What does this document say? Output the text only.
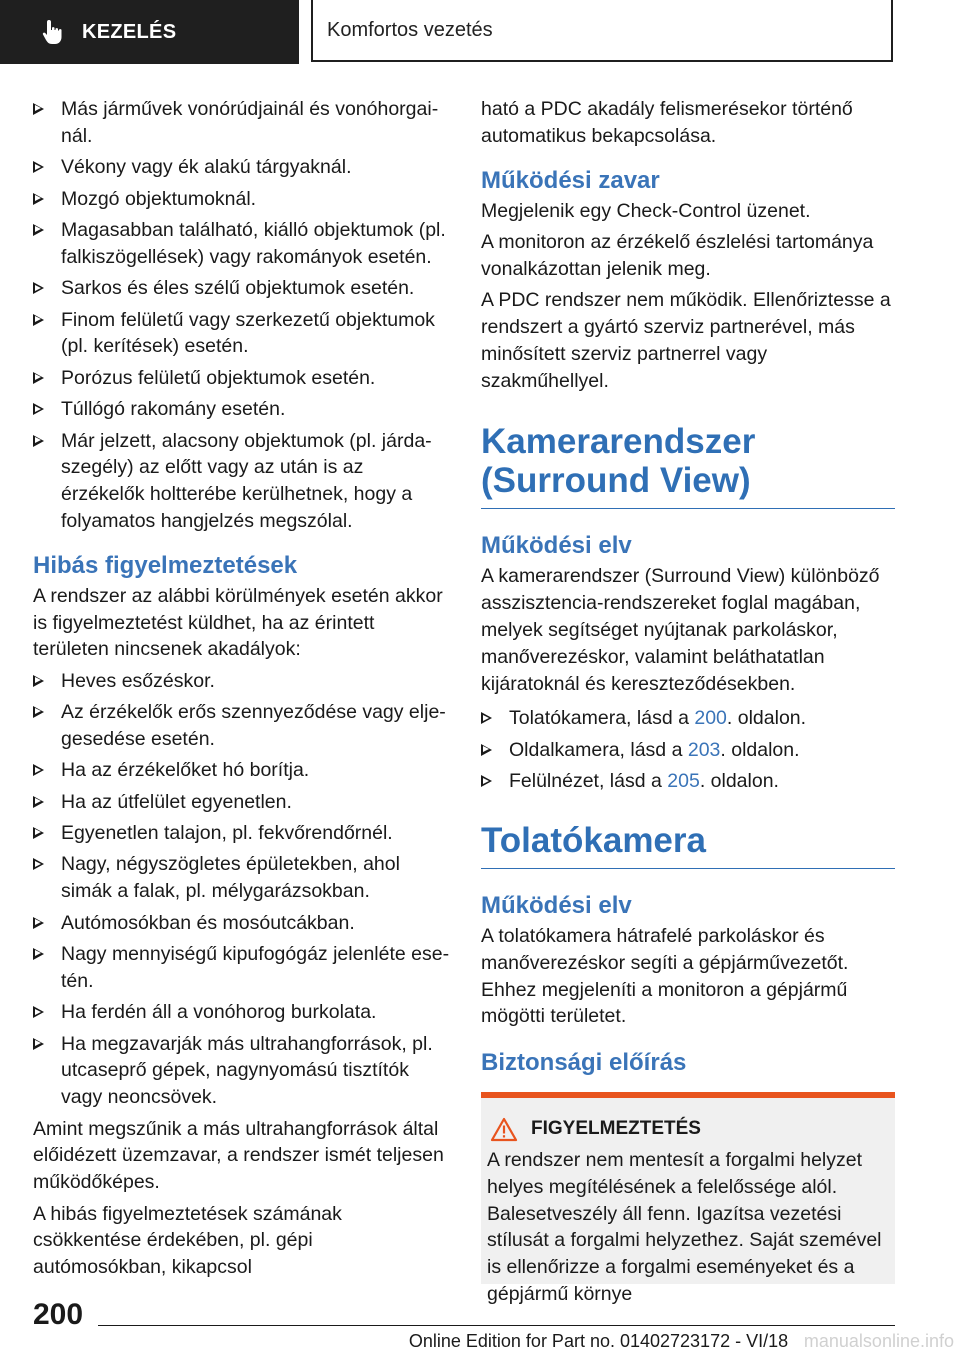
KEZELÉS	Komfortos vezetés
Más járművek vonórúdjainál és vonóhorgainál.
Vékony vagy ék alakú tárgyaknál.
Mozgó objektumoknál.
Magasabban található, kiálló objektumok (pl. falkiszögellések) vagy rakományok esetén.
Sarkos és éles szélű objektumok esetén.
Finom felületű vagy szerkezetű objektumok (pl. kerítések) esetén.
Porózus felületű objektumok esetén.
Túllógó rakomány esetén.
Már jelzett, alacsony objektumok (pl. járdaszegély) az előtt vagy az után is az érzékelők holtterébe kerülhetnek, hogy a folyamatos hangjelzés megszólal.
Hibás figyelmeztetések

A rendszer az alábbi körülmények esetén akkor is figyelmeztetést küldhet, ha az érintett területen nincsenek akadályok:

Heves esőzéskor.
Az érzékelők erős szennyeződése vagy eljegesedése esetén.
Ha az érzékelőket hó borítja.
Ha az útfelület egyenetlen.
Egyenetlen talajon, pl. fekvőrendőrnél.
Nagy, négyszögletes épületekben, ahol simák a falak, pl. mélygarázsokban.
Autómosókban és mosóutcákban.
Nagy mennyiségű kipufogógáz jelenléte esetén.
Ha ferdén áll a vonóhorog burkolata.
Ha megzavarják más ultrahangforrások, pl. utcaseprő gépek, nagynyomású tisztítók vagy neoncsövek.

Amint megszűnik a más ultrahangforrások által előidézett üzemzavar, a rendszer ismét teljesen működőképes.

A hibás figyelmeztetések számának csökkentése érdekében, pl. gépi autómosókban, kikapcsol

ható a PDC akadály felismerésekor történő automatikus bekapcsolása.

Működési zavar

Megjelenik egy Check-Control üzenet.

A monitoron az érzékelő észlelési tartománya vonalkázottan jelenik meg.

A PDC rendszer nem működik. Ellenőriztesse a rendszert a gyártó szerviz partnerével, más minősített szerviz partnerrel vagy szakműhellyel.

Kamerarendszer (Surround View)
Működési elv

A kamerarendszer (Surround View) különböző asszisztencia-rendszereket foglal magában, melyek segítséget nyújtanak parkoláskor, manőverezéskor, valamint beláthatatlan kijáratoknál és kereszteződésekben.

Tolatókamera, lásd a 200. oldalon.
Oldalkamera, lásd a 203. oldalon.
Felülnézet, lásd a 205. oldalon.
Tolatókamera
Működési elv

A tolatókamera hátrafelé parkoláskor és manőverezéskor segíti a gépjárművezetőt. Ehhez megjeleníti a monitoron a gépjármű mögötti területet.

Biztonsági előírás
FIGYELMEZTETÉS

A rendszer nem mentesít a forgalmi helyzet helyes megítélésének a felelőssége alól. Balesetveszély áll fenn. Igazítsa vezetési stílusát a forgalmi helyzethez. Saját szemével is ellenőrizze a forgalmi eseményeket és a gépjármű környe

200
Online Edition for Part no. 01402723172 - VI/18 manualsonline.info
